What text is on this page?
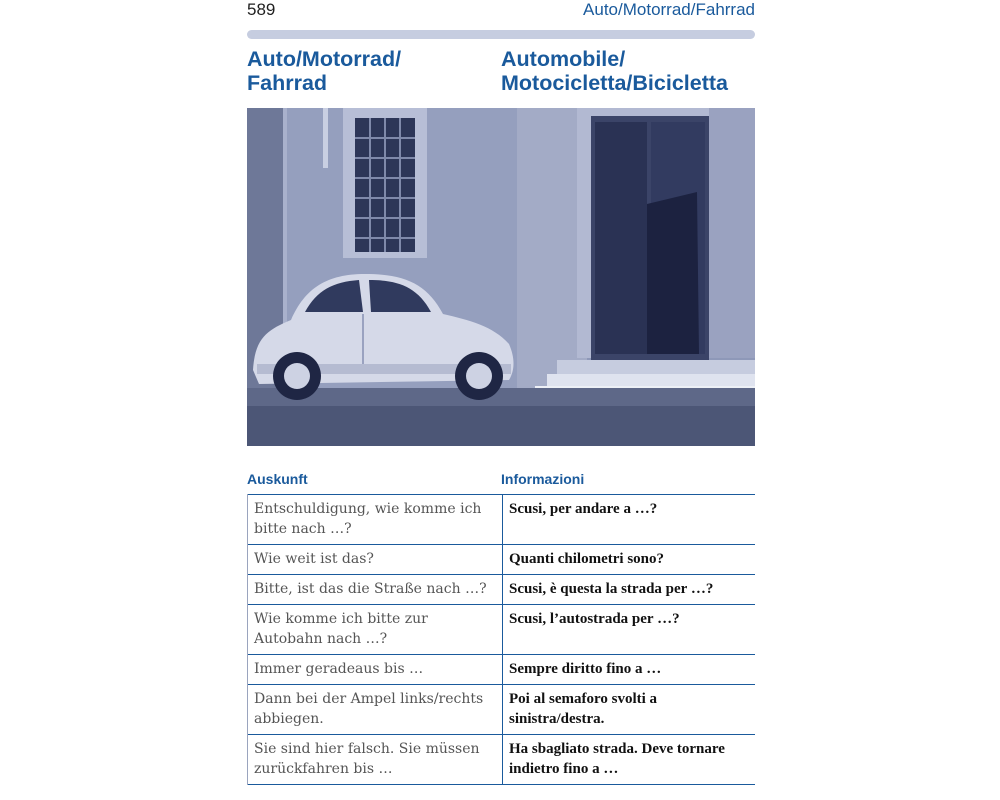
589	Auto/Motorrad/Fahrrad
Auto/Motorrad/ Fahrrad
Automobile/ Motocicletta/Bicicletta
Auskunft	Informazioni
Entschuldigung, wie komme ich bitte nach …?	Scusi, per andare a …?
Wie weit ist das?	Quanti chilometri sono?
Bitte, ist das die Straße nach …?	Scusi, è questa la strada per …?
Wie komme ich bitte zur Autobahn nach …?	Scusi, l’autostrada per …?
Immer geradeaus bis …	Sempre diritto fino a …
Dann bei der Ampel links/rechts abbiegen.	Poi al semaforo svolti a sinistra/destra.
Sie sind hier falsch. Sie müssen zurückfahren bis …	Ha sbagliato strada. Deve tornare indietro fino a …
